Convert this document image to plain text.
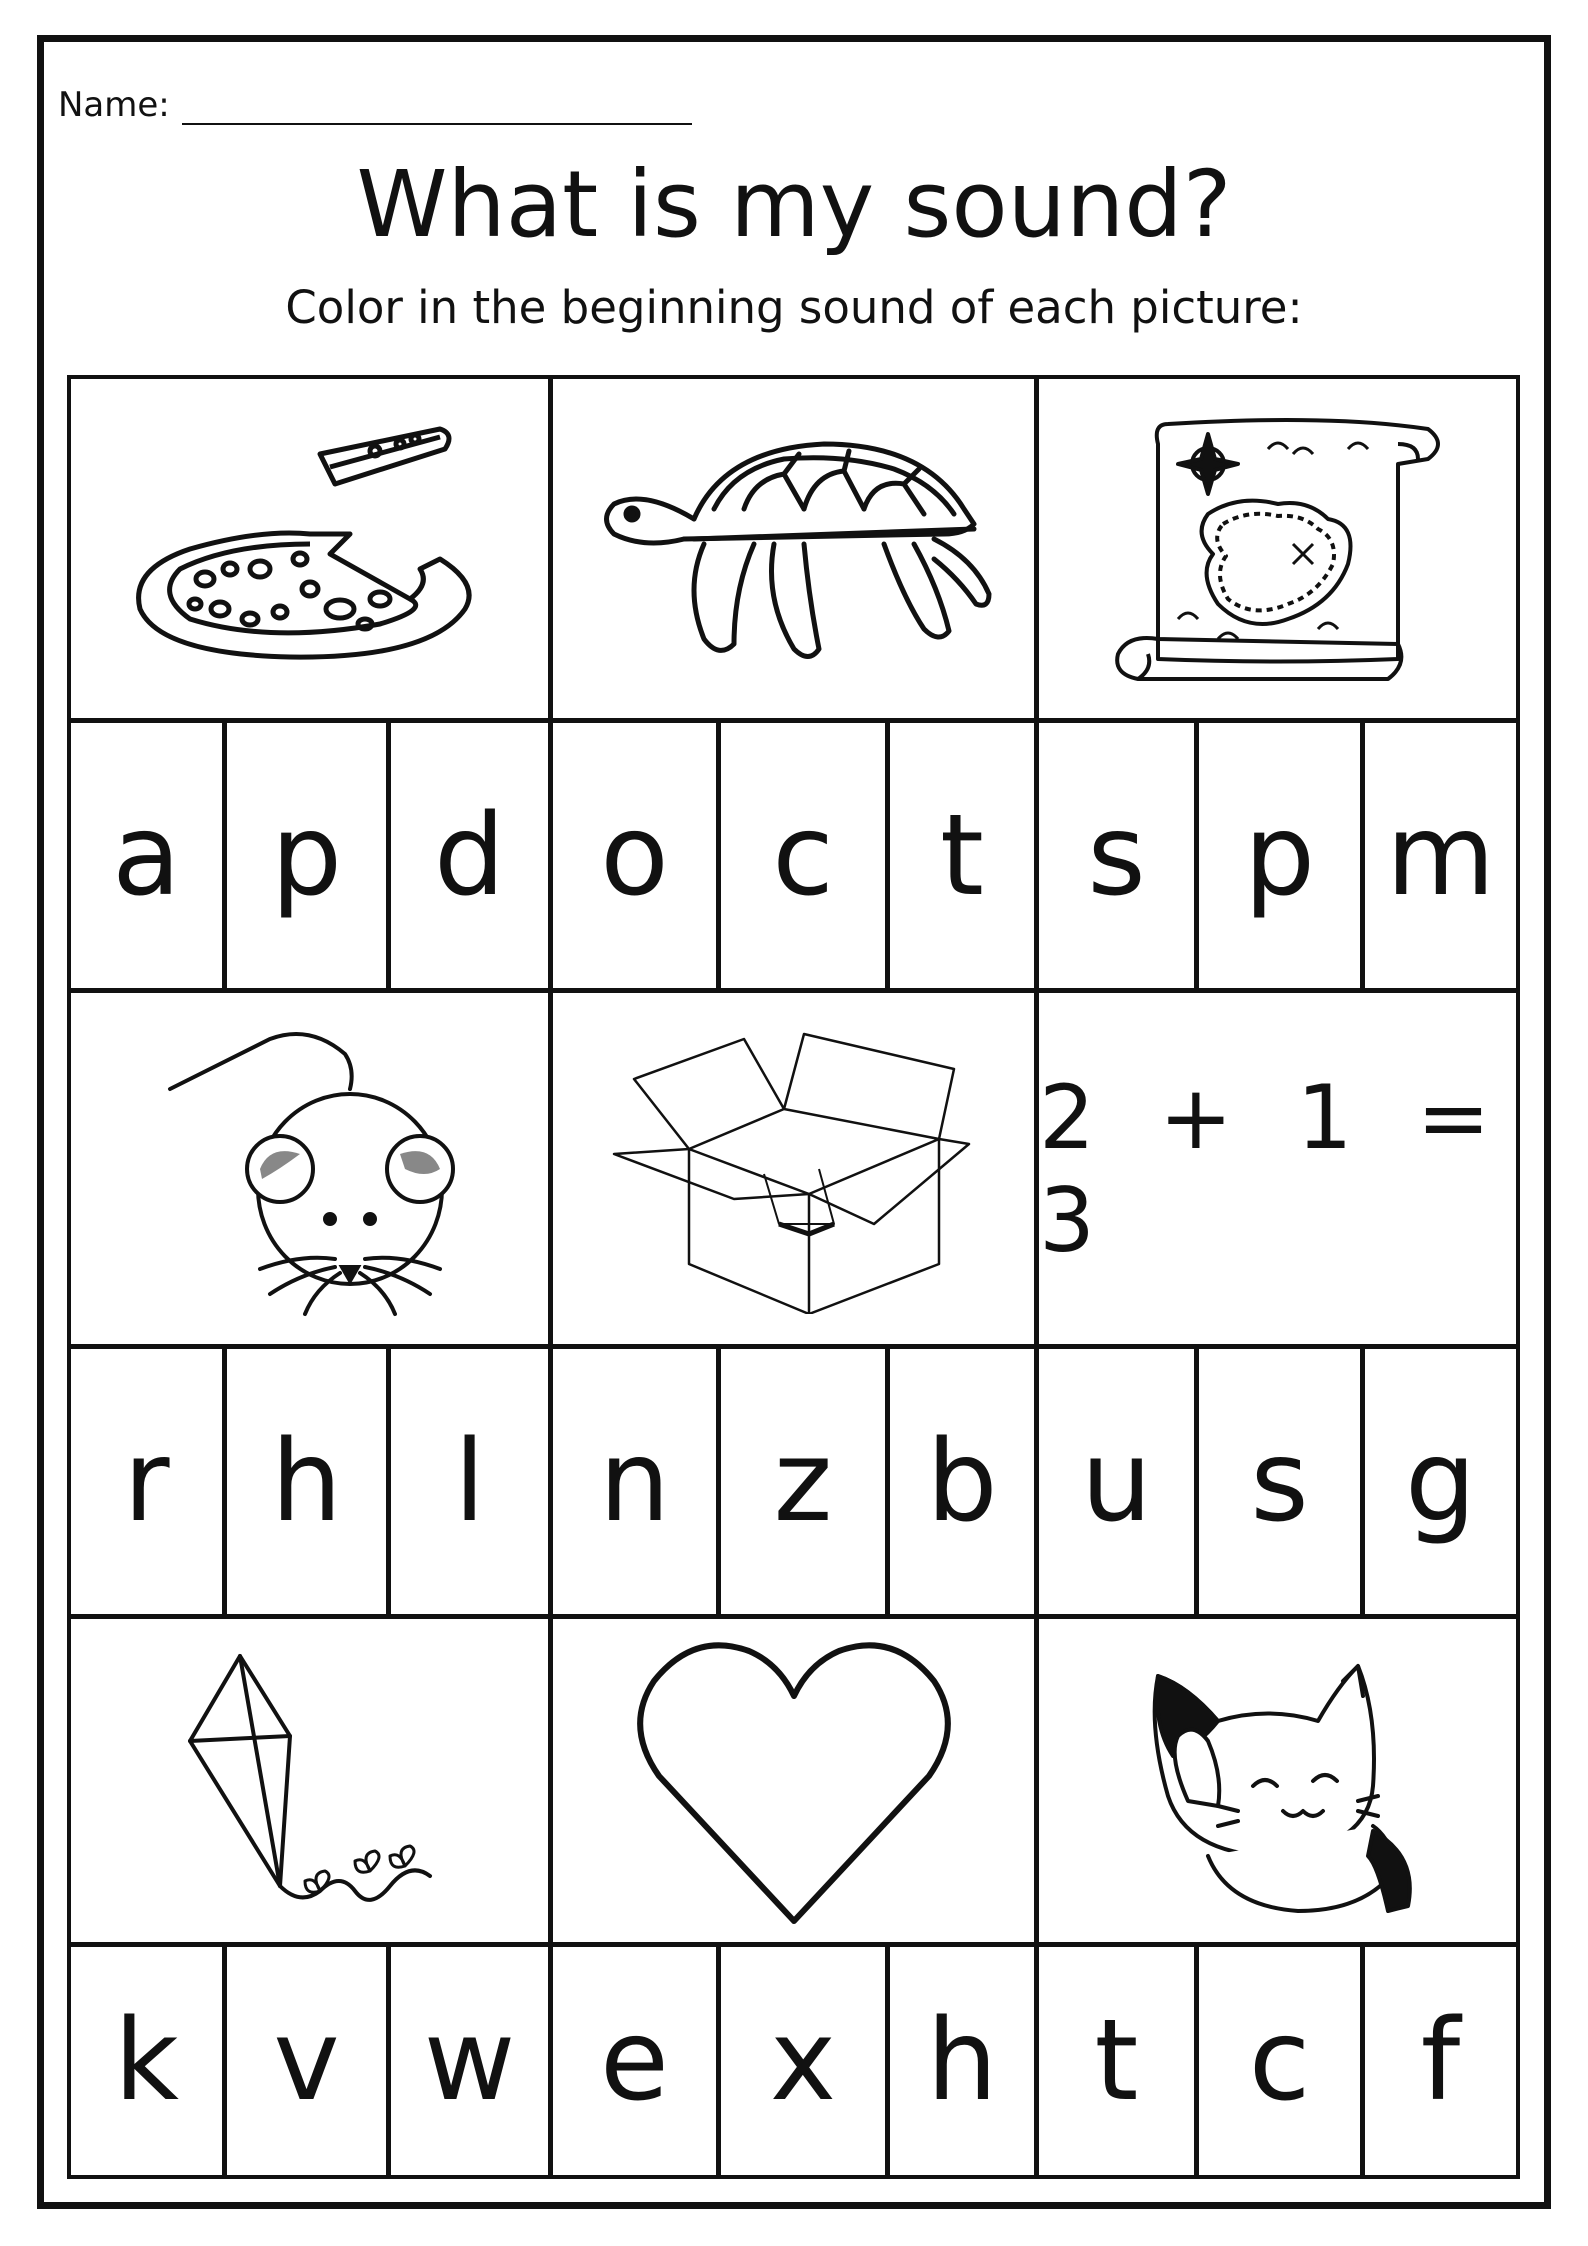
Name:
What is my sound?
Color in the beginning sound of each picture:
2 + 1 = 3
a p d o c t s p m
r h l n z b u s g
k v w e x h t c f
